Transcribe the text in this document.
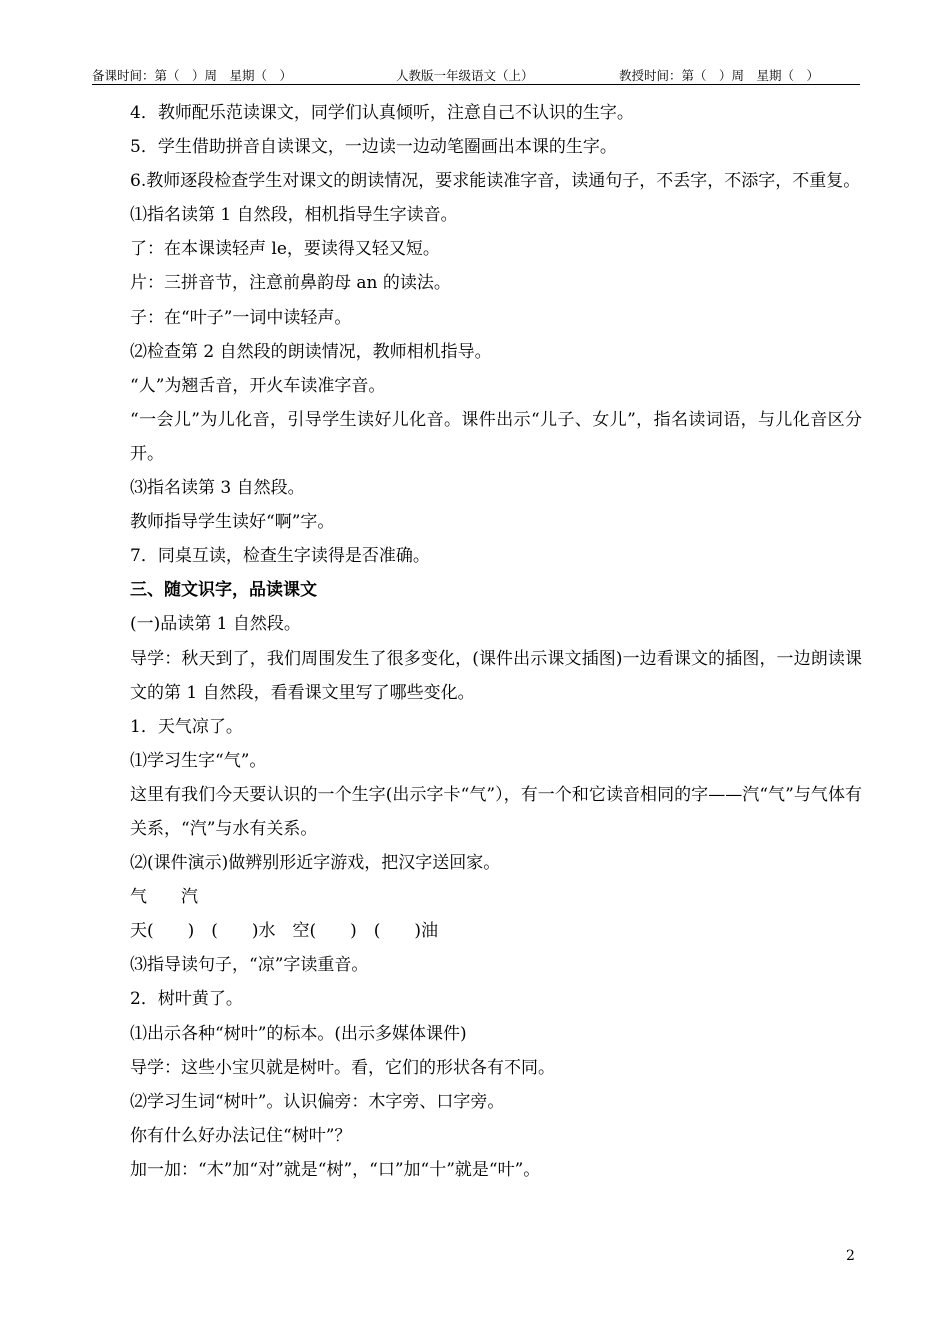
备课时间：第（　）周　星期（　）	人教版一年级语文（上）	教授时间：第（　）周　星期（　）

4．教师配乐范读课文，同学们认真倾听，注意自己不认识的生字。

5．学生借助拼音自读课文，一边读一边动笔圈画出本课的生字。

6.教师逐段检查学生对课文的朗读情况，要求能读准字音，读通句子，不丢字，不添字，不重复。

⑴指名读第 1 自然段，相机指导生字读音。

了：在本课读轻声 le，要读得又轻又短。

片：三拼音节，注意前鼻韵母 an 的读法。

子：在“叶子”一词中读轻声。

⑵检查第 2 自然段的朗读情况，教师相机指导。

“人”为翘舌音，开火车读准字音。

“一会儿”为儿化音，引导学生读好儿化音。课件出示“儿子、女儿”，指名读词语，与儿化音区分开。

⑶指名读第 3 自然段。

教师指导学生读好“啊”字。

7．同桌互读，检查生字读得是否准确。

三、随文识字，品读课文

(一)品读第 1 自然段。

导学：秋天到了，我们周围发生了很多变化，(课件出示课文插图)一边看课文的插图，一边朗读课文的第 1 自然段，看看课文里写了哪些变化。

1．天气凉了。

⑴学习生字“气”。

这里有我们今天要认识的一个生字(出示字卡“气”），有一个和它读音相同的字——汽“气”与气体有关系，“汽”与水有关系。

⑵(课件演示)做辨别形近字游戏，把汉字送回家。

气　　汽

天(　　)　(　　)水　空(　　)　(　　)油

⑶指导读句子，“凉”字读重音。

2．树叶黄了。

⑴出示各种“树叶”的标本。(出示多媒体课件)

导学：这些小宝贝就是树叶。看，它们的形状各有不同。

⑵学习生词“树叶”。认识偏旁：木字旁、口字旁。

你有什么好办法记住“树叶”？

加一加：“木”加“对”就是“树”，“口”加“十”就是“叶”。

2
